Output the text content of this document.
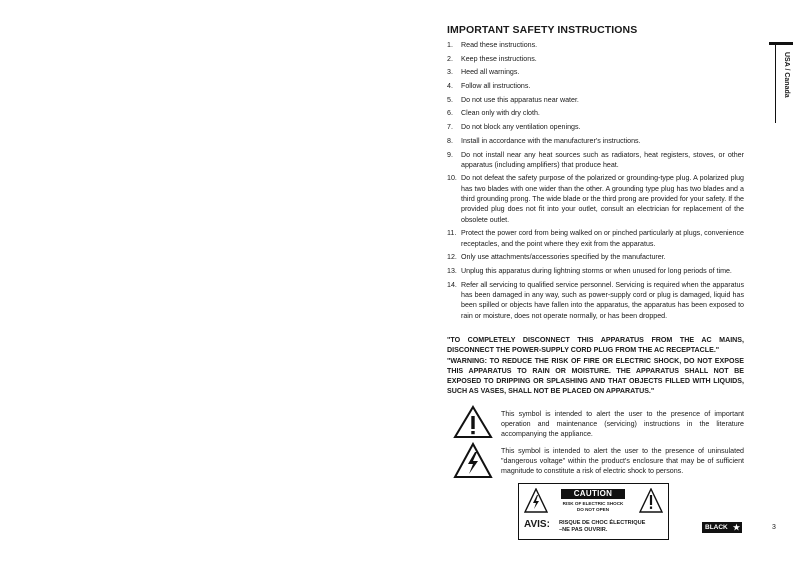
IMPORTANT SAFETY INSTRUCTIONS
1. Read these instructions.
2. Keep these instructions.
3. Heed all warnings.
4. Follow all instructions.
5. Do not use this apparatus near water.
6. Clean only with dry cloth.
7. Do not block any ventilation openings.
8. Install in accordance with the manufacturer's instructions.
9. Do not install near any heat sources such as radiators, heat registers, stoves, or other apparatus (including amplifiers) that produce heat.
10. Do not defeat the safety purpose of the polarized or grounding-type plug. A polarized plug has two blades with one wider than the other. A grounding type plug has two blades and a third grounding prong. The wide blade or the third prong are provided for your safety. If the provided plug does not fit into your outlet, consult an electrician for replacement of the obsolete outlet.
11. Protect the power cord from being walked on or pinched particularly at plugs, convenience receptacles, and the point where they exit from the apparatus.
12. Only use attachments/accessories specified by the manufacturer.
13. Unplug this apparatus during lightning storms or when unused for long periods of time.
14. Refer all servicing to qualified service personnel. Servicing is required when the apparatus has been damaged in any way, such as power-supply cord or plug is damaged, liquid has been spilled or objects have fallen into the apparatus, the apparatus has been exposed to rain or moisture, does not operate normally, or has been dropped.
"TO COMPLETELY DISCONNECT THIS APPARATUS FROM THE AC MAINS, DISCONNECT THE POWER-SUPPLY CORD PLUG FROM THE AC RECEPTACLE."
"WARNING: TO REDUCE THE RISK OF FIRE OR ELECTRIC SHOCK, DO NOT EXPOSE THIS APPARATUS TO RAIN OR MOISTURE. THE APPARATUS SHALL NOT BE EXPOSED TO DRIPPING OR SPLASHING AND THAT OBJECTS FILLED WITH LIQUIDS, SUCH AS VASES, SHALL NOT BE PLACED ON APPARATUS."
This symbol is intended to alert the user to the presence of important operation and maintenance (servicing) instructions in the literature accompanying the appliance.
This symbol is intended to alert the user to the presence of uninsulated "dangerous voltage" within the product's enclosure that may be of sufficient magnitude to constitute a risk of electric shock to persons.
CAUTION
RISK OF ELECTRIC SHOCK
DO NOT OPEN
AVIS: RISQUE DE CHOC ÉLECTRIQUE
–NE PAS OUVRIR.	BLACK ★	3
USA / Canada
